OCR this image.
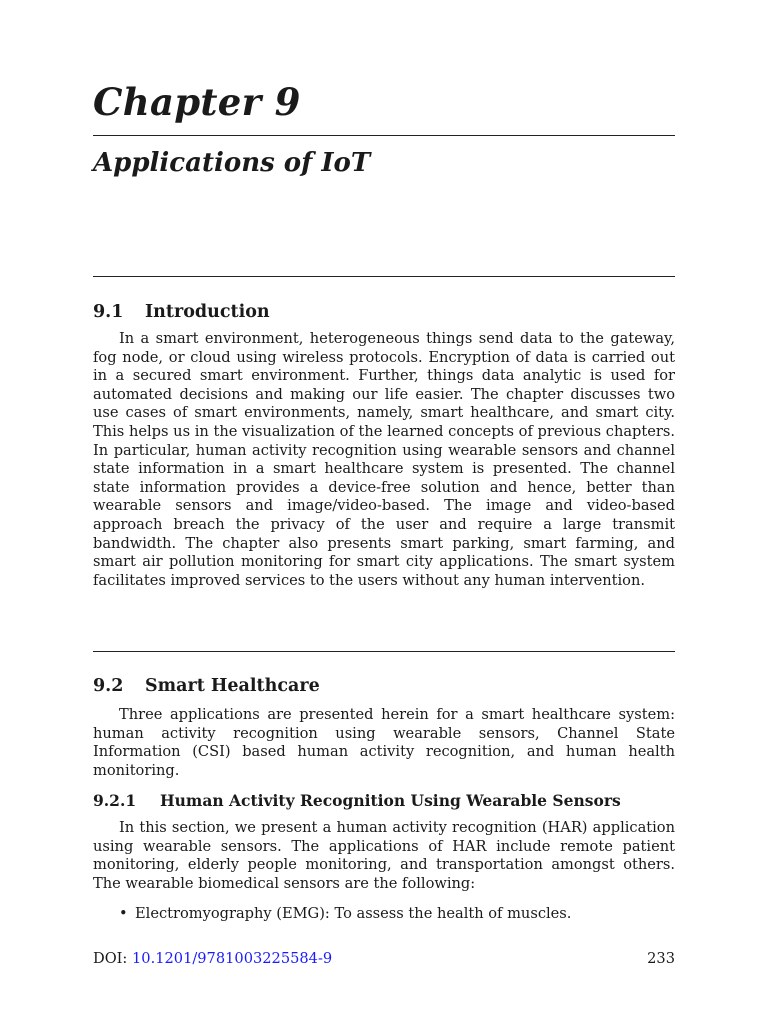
Chapter 9
Applications of IoT
9.1 Introduction

In a smart environment, heterogeneous things send data to the gateway, fog node, or cloud using wireless protocols. Encryption of data is carried out in a secured smart environment. Further, things data analytic is used for automated decisions and making our life easier. The chapter discusses two use cases of smart environments, namely, smart healthcare, and smart city. This helps us in the visualization of the learned concepts of previous chapters. In particular, human activity recognition using wearable sensors and channel state information in a smart healthcare system is presented. The channel state information provides a device-free solution and hence, better than wearable sensors and image/video-based. The image and video-based approach breach the privacy of the user and require a large transmit bandwidth. The chapter also presents smart parking, smart farming, and smart air pollution monitoring for smart city applications. The smart system facilitates improved services to the users without any human intervention.

9.2 Smart Healthcare

Three applications are presented herein for a smart healthcare system: human activity recognition using wearable sensors, Channel State Information (CSI) based human activity recognition, and human health monitoring.

9.2.1 Human Activity Recognition Using Wearable Sensors

In this section, we present a human activity recognition (HAR) application using wearable sensors. The applications of HAR include remote patient monitoring, elderly people monitoring, and transportation amongst others. The wearable biomedical sensors are the following:

• Electromyography (EMG): To assess the health of muscles.
DOI: 10.1201/9781003225584-9	233
